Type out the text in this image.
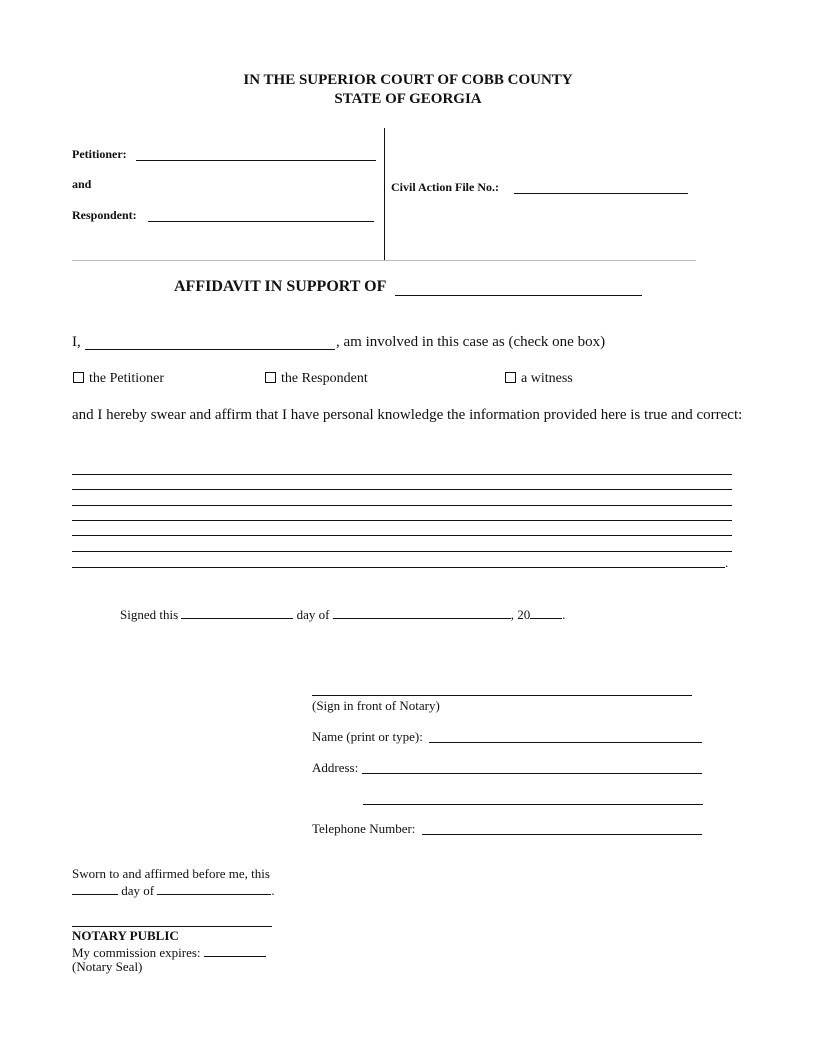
IN THE SUPERIOR COURT OF COBB COUNTY
STATE OF GEORGIA
Petitioner:
and
Respondent:
Civil Action File No.:
AFFIDAVIT IN SUPPORT OF
I,	, am involved in this case as (check one box)
the Petitioner	the Respondent	a witness
and I hereby swear and affirm that I have personal knowledge the information provided here is true and correct:
.
Signed this	day of	, 20 .
(Sign in front of Notary)
Name (print or type):
Address:
Telephone Number:
Sworn to and affirmed before me, this
day of	.
NOTARY PUBLIC
My commission expires:
(Notary Seal)
